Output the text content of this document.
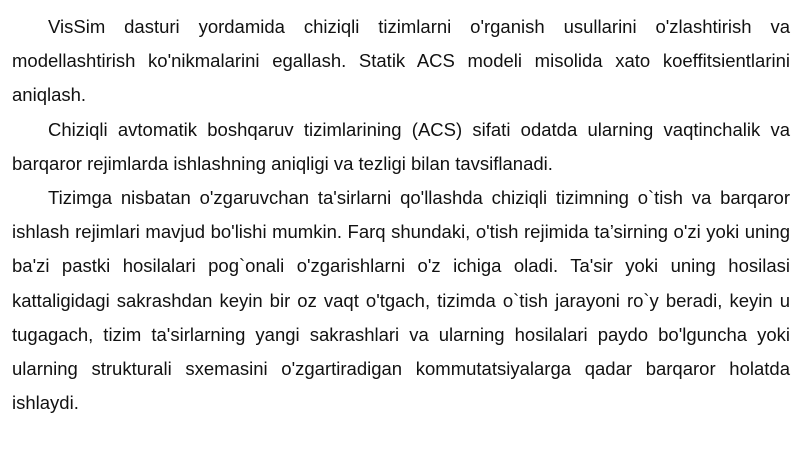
VisSim dasturi yordamida chiziqli tizimlarni o'rganish usullarini o'zlashtirish va modellashtirish ko'nikmalarini egallash. Statik ACS modeli misolida xato koeffitsientlarini aniqlash.

Chiziqli avtomatik boshqaruv tizimlarining (ACS) sifati odatda ularning vaqtinchalik va barqaror rejimlarda ishlashning aniqligi va tezligi bilan tavsiflanadi.

Tizimga nisbatan o'zgaruvchan ta'sirlarni qo'llashda chiziqli tizimning o`tish va barqaror ishlash rejimlari mavjud bo'lishi mumkin. Farq shundaki, o'tish rejimida ta’sirning o'zi yoki uning ba'zi pastki hosilalari pog`onali o'zgarishlarni o'z ichiga oladi. Ta'sir yoki uning hosilasi kattaligidagi sakrashdan keyin bir oz vaqt o'tgach, tizimda o`tish jarayoni ro`y beradi, keyin u tugagach, tizim ta'sirlarning yangi sakrashlari va ularning hosilalari paydo bo'lguncha yoki ularning strukturali sxemasini o'zgartiradigan kommutatsiyalarga qadar barqaror holatda ishlaydi.
